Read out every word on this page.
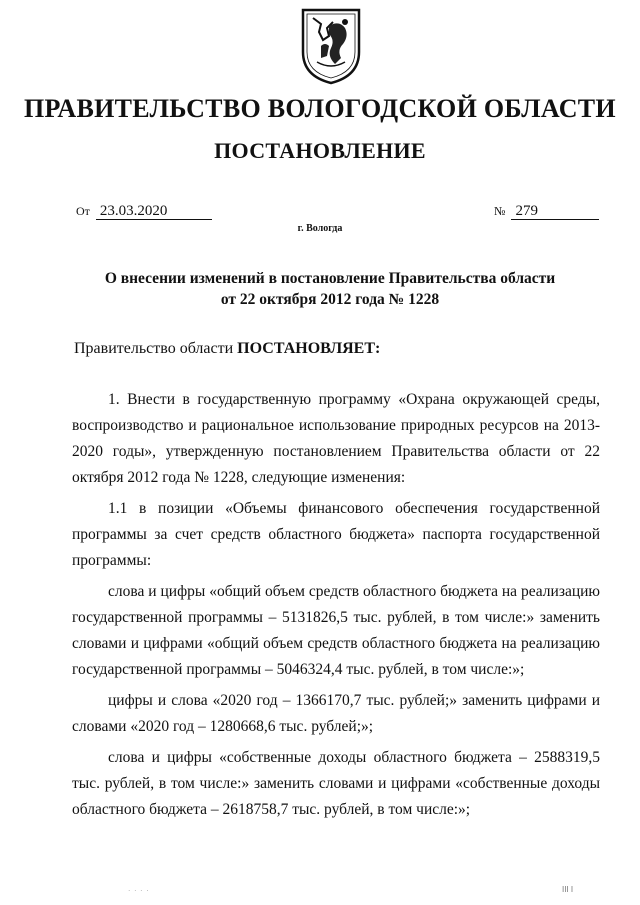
ПРАВИТЕЛЬСТВО ВОЛОГОДСКОЙ ОБЛАСТИ
ПОСТАНОВЛЕНИЕ
От 23.03.2020	№ 279
г. Вологда
О внесении изменений в постановление Правительства области
от 22 октября 2012 года № 1228
Правительство области ПОСТАНОВЛЯЕТ:

1. Внести в государственную программу «Охрана окружающей среды, воспроизводство и рациональное использование природных ресурсов на 2013-2020 годы», утвержденную постановлением Правительства области от 22 октября 2012 года № 1228, следующие изменения:

1.1 в позиции «Объемы финансового обеспечения государственной программы за счет средств областного бюджета» паспорта государственной программы:

слова и цифры «общий объем средств областного бюджета на реализацию государственной программы – 5131826,5 тыс. рублей, в том числе:» заменить словами и цифрами «общий объем средств областного бюджета на реализацию государственной программы – 5046324,4 тыс. рублей, в том числе:»;

цифры и слова «2020 год – 1366170,7 тыс. рублей;» заменить цифрами и словами «2020 год – 1280668,6 тыс. рублей;»;

слова и цифры «собственные доходы областного бюджета – 2588319,5 тыс. рублей, в том числе:» заменить словами и цифрами «собственные доходы областного бюджета – 2618758,7 тыс. рублей, в том числе:»;

· · · ·	III I
